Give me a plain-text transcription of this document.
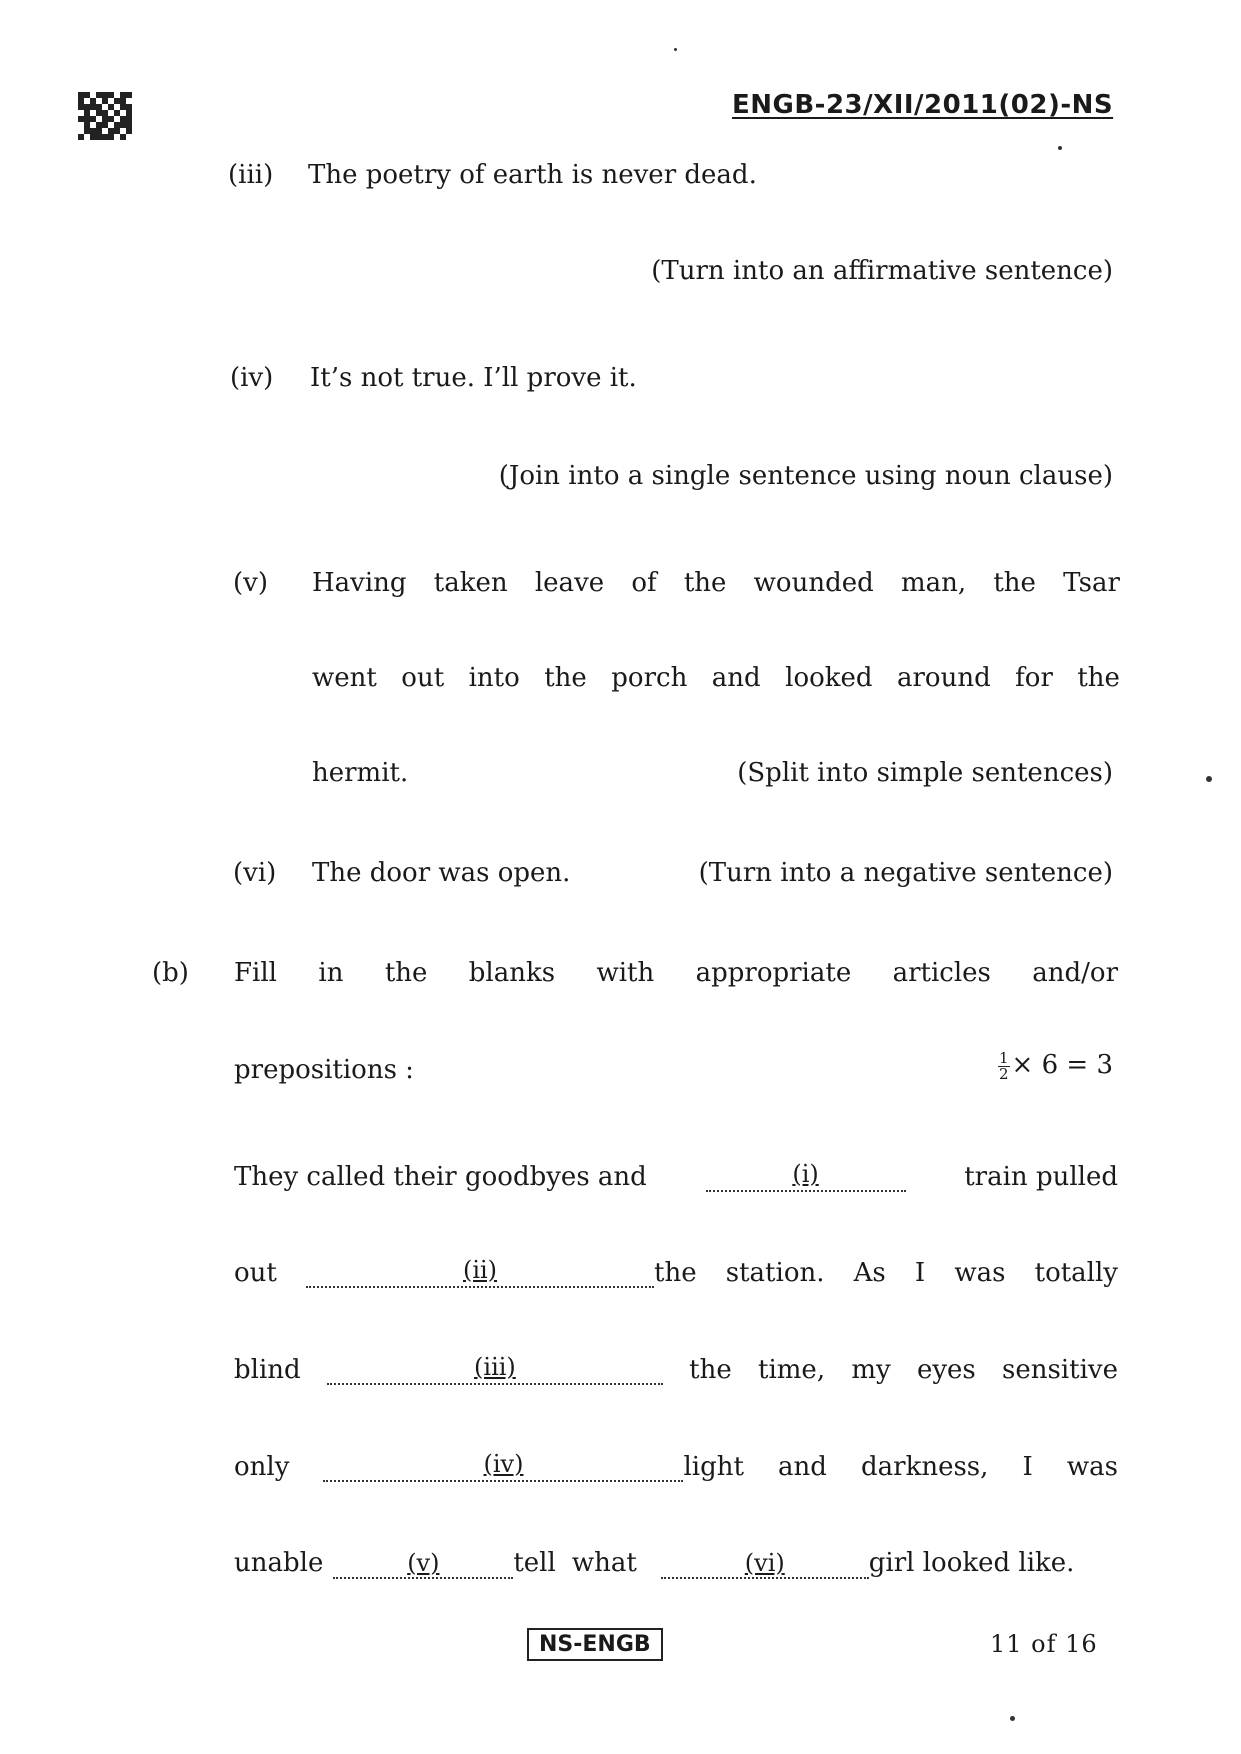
ENGB-23/XII/2011(02)-NS
(iii) The poetry of earth is never dead.
(Turn into an affirmative sentence)
(iv) It’s not true. I’ll prove it.
(Join into a single sentence using noun clause)
(v) Having taken leave of the wounded man, the Tsar
went out into the porch and looked around for the
hermit.	(Split into simple sentences)
(vi) The door was open.	(Turn into a negative sentence)
(b) Fill in the blanks with appropriate articles and/or
prepositions :	$\frac{1}{2} \times 6 = 3$
They called their goodbyes and	(i)	train pulled
out	(ii)	the station. As I was totally
blind	(iii)	the time, my eyes sensitive
only	(iv)	light and darkness, I was
unable	(v)	tell what	(vi)	girl looked like.
NS-ENGB	11 of 16
